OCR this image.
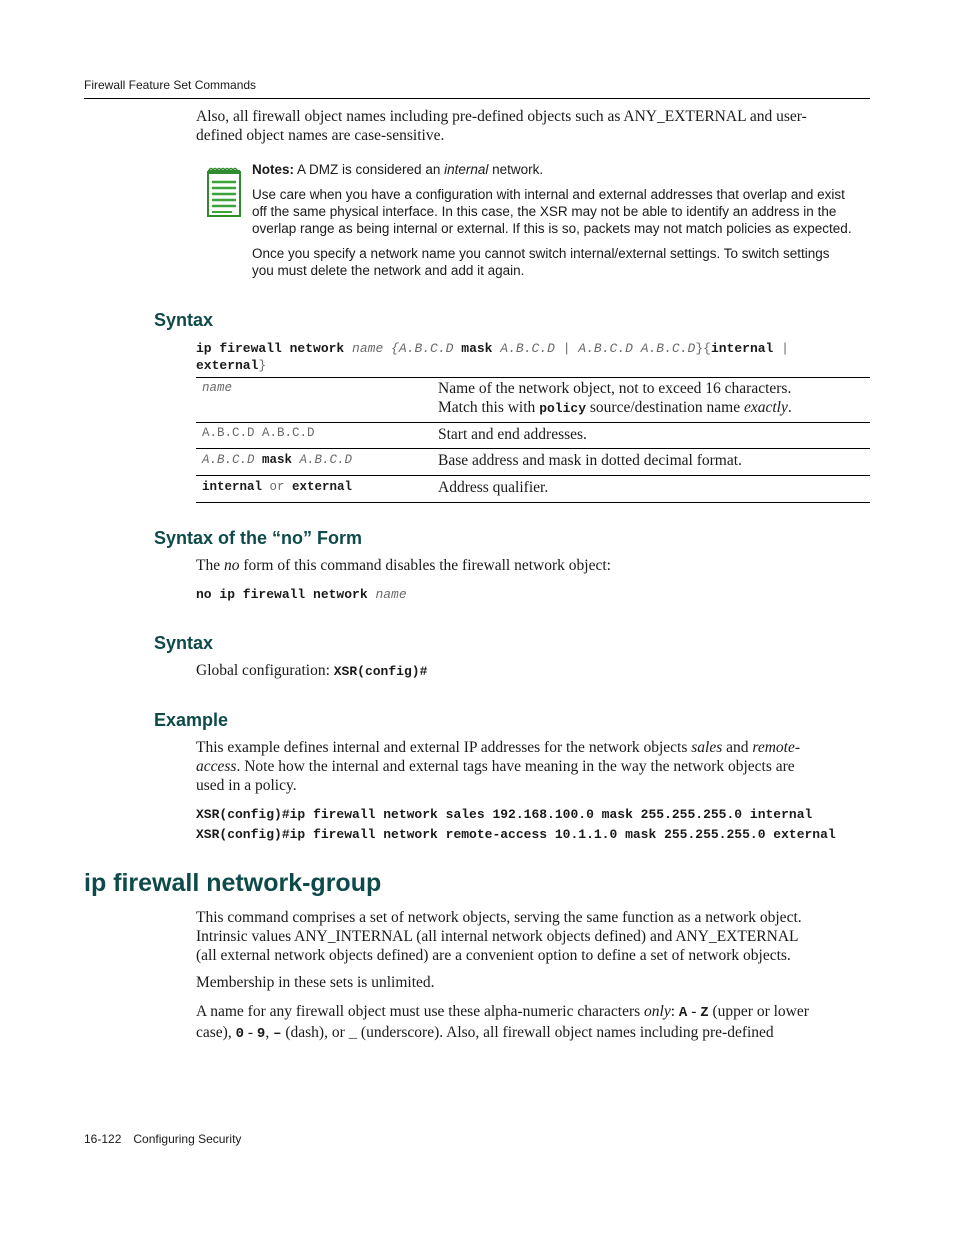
Firewall Feature Set Commands
Also, all firewall object names including pre-defined objects such as ANY_EXTERNAL and user-
defined object names are case-sensitive.
Notes: A DMZ is considered an internal network.
Use care when you have a configuration with internal and external addresses that overlap and exist
off the same physical interface. In this case, the XSR may not be able to identify an address in the
overlap range as being internal or external. If this is so, packets may not match policies as expected.
Once you specify a network name you cannot switch internal/external settings. To switch settings
you must delete the network and add it again.
Syntax
ip firewall network name {A.B.C.D mask A.B.C.D | A.B.C.D A.B.C.D}{internal |
external}
name	Name of the network object, not to exceed 16 characters.
Match this with policy source/destination name exactly.
A.B.C.D A.B.C.D	Start and end addresses.
A.B.C.D mask A.B.C.D	Base address and mask in dotted decimal format.
internal or external	Address qualifier.
Syntax of the “no” Form
The no form of this command disables the firewall network object:
no ip firewall network name
Syntax
Global configuration: XSR(config)#
Example
This example defines internal and external IP addresses for the network objects sales and remote-
access. Note how the internal and external tags have meaning in the way the network objects are
used in a policy.
XSR(config)#ip firewall network sales 192.168.100.0 mask 255.255.255.0 internal
XSR(config)#ip firewall network remote-access 10.1.1.0 mask 255.255.255.0 external
ip firewall network-group
This command comprises a set of network objects, serving the same function as a network object.
Intrinsic values ANY_INTERNAL (all internal network objects defined) and ANY_EXTERNAL
(all external network objects defined) are a convenient option to define a set of network objects.
Membership in these sets is unlimited.
A name for any firewall object must use these alpha-numeric characters only: A - Z (upper or lower
case), 0 - 9, – (dash), or _ (underscore). Also, all firewall object names including pre-defined
16-122 Configuring Security
